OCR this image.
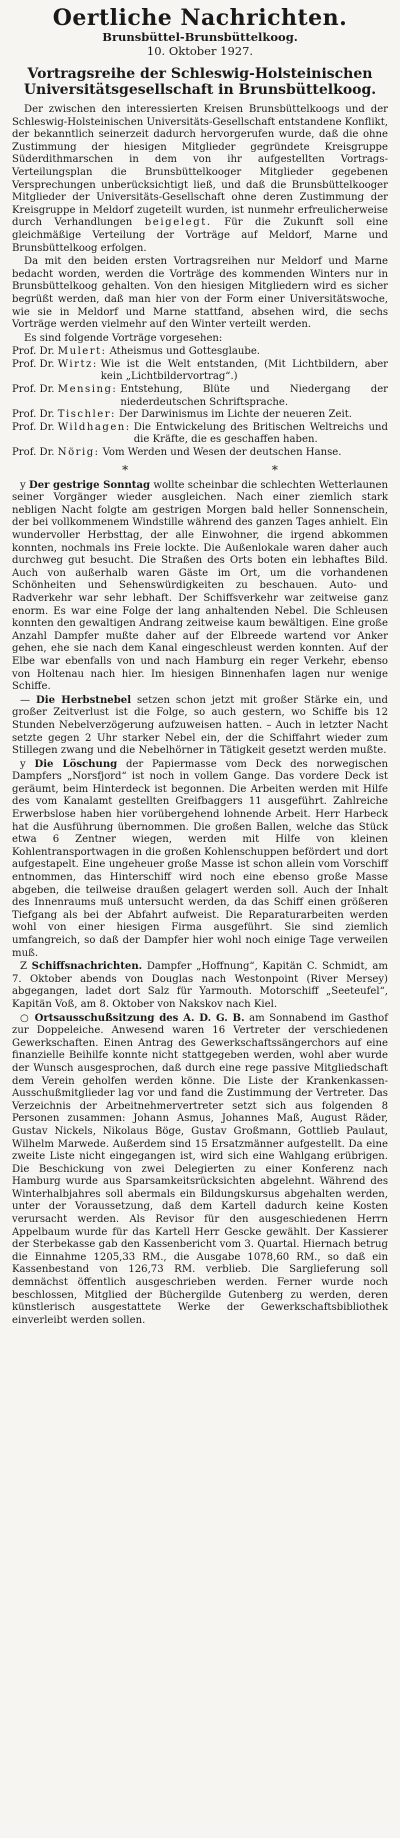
Oertliche Nachrichten.
Brunsbüttel-Brunsbüttelkoog.
10. Oktober 1927.
Vortragsreihe der Schleswig-Holsteinischen Universitätsgesellschaft in Brunsbüttelkoog.

Der zwischen den interessierten Kreisen Brunsbüttelkoogs und der Schleswig-Holsteinischen Universitäts-Gesellschaft entstandene Konflikt, der bekanntlich seinerzeit dadurch hervorgerufen wurde, daß die ohne Zustimmung der hiesigen Mitglieder gegründete Kreisgruppe Süderdithmarschen in dem von ihr aufgestellten Vortrags-Verteilungsplan die Brunsbüttelkooger Mitglieder gegebenen Versprechungen unberücksichtigt ließ, und daß die Brunsbüttelkooger Mitglieder der Universitäts-Gesellschaft ohne deren Zustimmung der Kreisgruppe in Meldorf zugeteilt wurden, ist nunmehr erfreulicherweise durch Verhandlungen beigelegt. Für die Zukunft soll eine gleichmäßige Verteilung der Vorträge auf Meldorf, Marne und Brunsbüttelkoog erfolgen.

Da mit den beiden ersten Vortragsreihen nur Meldorf und Marne bedacht worden, werden die Vorträge des kommenden Winters nur in Brunsbüttelkoog gehalten. Von den hiesigen Mitgliedern wird es sicher begrüßt werden, daß man hier von der Form einer Universitätswoche, wie sie in Meldorf und Marne stattfand, absehen wird, die sechs Vorträge werden vielmehr auf den Winter verteilt werden.

Es sind folgende Vorträge vorgesehen:

Prof. Dr. Mulert: Atheismus und Gottesglaube.
Prof. Dr. Wirtz: Wie ist die Welt entstanden, (Mit Lichtbildern, aber kein „Lichtbildervortrag“.)
Prof. Dr. Mensing: Entstehung, Blüte und Niedergang der niederdeutschen Schriftsprache.
Prof. Dr. Tischler: Der Darwinismus im Lichte der neueren Zeit.
Prof. Dr. Wildhagen: Die Entwickelung des Britischen Weltreichs und die Kräfte, die es geschaffen haben.
Prof. Dr. Nörig: Vom Werden und Wesen der deutschen Hanse.
* *

y Der gestrige Sonntag wollte scheinbar die schlechten Wetterlaunen seiner Vorgänger wieder ausgleichen. Nach einer ziemlich stark nebligen Nacht folgte am gestrigen Morgen bald heller Sonnenschein, der bei vollkommenem Windstille während des ganzen Tages anhielt. Ein wundervoller Herbsttag, der alle Einwohner, die irgend abkommen konnten, nochmals ins Freie lockte. Die Außenlokale waren daher auch durchweg gut besucht. Die Straßen des Orts boten ein lebhaftes Bild. Auch von außerhalb waren Gäste im Ort, um die vorhandenen Schönheiten und Sehenswürdigkeiten zu beschauen. Auto- und Radverkehr war sehr lebhaft. Der Schiffsverkehr war zeitweise ganz enorm. Es war eine Folge der lang anhaltenden Nebel. Die Schleusen konnten den gewaltigen Andrang zeitweise kaum bewältigen. Eine große Anzahl Dampfer mußte daher auf der Elbreede wartend vor Anker gehen, ehe sie nach dem Kanal eingeschleust werden konnten. Auf der Elbe war ebenfalls von und nach Hamburg ein reger Verkehr, ebenso von Holtenau nach hier. Im hiesigen Binnenhafen lagen nur wenige Schiffe.

— Die Herbstnebel setzen schon jetzt mit großer Stärke ein, und großer Zeitverlust ist die Folge, so auch gestern, wo Schiffe bis 12 Stunden Nebelverzögerung aufzuweisen hatten. – Auch in letzter Nacht setzte gegen 2 Uhr starker Nebel ein, der die Schiffahrt wieder zum Stillegen zwang und die Nebelhörner in Tätigkeit gesetzt werden mußte.

y Die Löschung der Papiermasse vom Deck des norwegischen Dampfers „Norsfjord“ ist noch in vollem Gange. Das vordere Deck ist geräumt, beim Hinterdeck ist begonnen. Die Arbeiten werden mit Hilfe des vom Kanalamt gestellten Greifbaggers 11 ausgeführt. Zahlreiche Erwerbslose haben hier vorübergehend lohnende Arbeit. Herr Harbeck hat die Ausführung übernommen. Die großen Ballen, welche das Stück etwa 6 Zentner wiegen, werden mit Hilfe von kleinen Kohlentransportwagen in die großen Kohlenschuppen befördert und dort aufgestapelt. Eine ungeheuer große Masse ist schon allein vom Vorschiff entnommen, das Hinterschiff wird noch eine ebenso große Masse abgeben, die teilweise draußen gelagert werden soll. Auch der Inhalt des Innenraums muß untersucht werden, da das Schiff einen größeren Tiefgang als bei der Abfahrt aufweist. Die Reparaturarbeiten werden wohl von einer hiesigen Firma ausgeführt. Sie sind ziemlich umfangreich, so daß der Dampfer hier wohl noch einige Tage verweilen muß.

Z Schiffsnachrichten. Dampfer „Hoffnung“, Kapitän C. Schmidt, am 7. Oktober abends von Douglas nach Westonpoint (River Mersey) abgegangen, ladet dort Salz für Yarmouth. Motorschiff „Seeteufel“, Kapitän Voß, am 8. Oktober von Nakskov nach Kiel.

○ Ortsausschußsitzung des A. D. G. B. am Sonnabend im Gasthof zur Doppeleiche. Anwesend waren 16 Vertreter der verschiedenen Gewerkschaften. Einen Antrag des Gewerkschaftssängerchors auf eine finanzielle Beihilfe konnte nicht stattgegeben werden, wohl aber wurde der Wunsch ausgesprochen, daß durch eine rege passive Mitgliedschaft dem Verein geholfen werden könne. Die Liste der Krankenkassen-Ausschußmitglieder lag vor und fand die Zustimmung der Vertreter. Das Verzeichnis der Arbeitnehmervertreter setzt sich aus folgenden 8 Personen zusammen: Johann Asmus, Johannes Maß, August Räder, Gustav Nickels, Nikolaus Böge, Gustav Großmann, Gottlieb Paulaut, Wilhelm Marwede. Außerdem sind 15 Ersatzmänner aufgestellt. Da eine zweite Liste nicht eingegangen ist, wird sich eine Wahlgang erübrigen. Die Beschickung von zwei Delegierten zu einer Konferenz nach Hamburg wurde aus Sparsamkeitsrücksichten abgelehnt. Während des Winterhalbjahres soll abermals ein Bildungskursus abgehalten werden, unter der Voraussetzung, daß dem Kartell dadurch keine Kosten verursacht werden. Als Revisor für den ausgeschiedenen Herrn Appelbaum wurde für das Kartell Herr Gescke gewählt. Der Kassierer der Sterbekasse gab den Kassenbericht vom 3. Quartal. Hiernach betrug die Einnahme 1205,33 RM., die Ausgabe 1078,60 RM., so daß ein Kassenbestand von 126,73 RM. verblieb. Die Sarglieferung soll demnächst öffentlich ausgeschrieben werden. Ferner wurde noch beschlossen, Mitglied der Büchergilde Gutenberg zu werden, deren künstlerisch ausgestattete Werke der Gewerkschaftsbibliothek einverleibt werden sollen.
